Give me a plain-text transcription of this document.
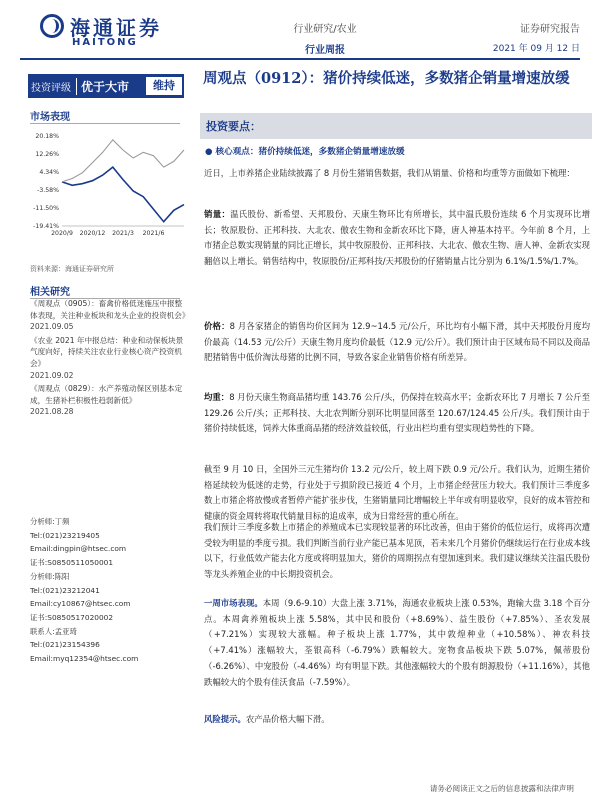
海通证券
HAITONG
行业研究/农业
行业周报
证券研究报告
2021 年 09 月 12 日
投资评级 优于大市	维持
市场表现
20.18%
12.26%
4.34%
-3.58%
-11.50%
-19.41%
2020/9 2020/12 2021/3 2021/6
资料来源：海通证券研究所
相关研究
《周观点（0905）：畜禽价格低迷施压中报整体表现，关注种业板块和龙头企业的投资机会》
2021.09.05
《农业 2021 年中报总结：种业和动保板块景气度向好，持续关注农业行业核心资产投资机会》
2021.09.02
《周观点（0829）：水产养殖动保区别基本定成，生猪补栏积极性趋弱新低》
2021.08.28
分析师:丁频
Tel:(021)23219405
Email:dingpin@htsec.com
证书:S0850511050001
分析师:陈阳
Tel:(021)23212041
Email:cy10867@htsec.com
证书:S0850517020002
联系人:孟亚琦
Tel:(021)23154396
Email:myq12354@htsec.com
周观点（0912）：猪价持续低迷，多数猪企销量增速放缓
投资要点：
● 核心观点：猪价持续低迷，多数猪企销量增速放缓
近日，上市养猪企业陆续披露了 8 月份生猪销售数据，我们从销量、价格和均重等方面做如下梳理：
销量：温氏股份、新希望、天邦股份、天康生物环比有所增长，其中温氏股份连续 6 个月实现环比增长；牧原股份、正邦科技、大北农、傲农生物和金新农环比下降，唐人神基本持平。今年前 8 个月，上市猪企总数实现销量的同比正增长，其中牧原股份、正邦科技、大北农、傲农生物、唐人神、金新农实现翻倍以上增长。销售结构中，牧原股份/正邦科技/天邦股份的仔猪销量占比分别为 6.1%/1.5%/1.7%。
价格：8 月各家猪企的销售均价区间为 12.9~14.5 元/公斤，环比均有小幅下滑，其中天邦股份月度均价最高（14.53 元/公斤）天康生物月度均价最低（12.9 元/公斤）。我们预计由于区域布局不同以及商品肥猪销售中低价淘汰母猪的比例不同，导致各家企业销售价格有所差异。
均重：8 月份天康生物商品猪均重 143.76 公斤/头，仍保持在较高水平；金新农环比 7 月增长 7 公斤至 129.26 公斤/头；正邦科技、大北农判断分别环比明显回落至 120.67/124.45 公斤/头。我们预计由于猪价持续低迷，饲养大体重商品猪的经济效益较低，行业出栏均重有望实现趋势性的下降。
截至 9 月 10 日，全国外三元生猪均价 13.2 元/公斤，较上周下跌 0.9 元/公斤。我们认为，近期生猪价格延续较为低迷的走势，行业处于亏损阶段已接近 4 个月，上市猪企经营压力较大。我们预计三季度多数上市猪企将放慢或者暂停产能扩张步伐，生猪销量同比增幅较上半年或有明显收窄，良好的成本管控和健康的资金周转将取代销量目标的追成率，成为日常经营的重心所在。
我们预计三季度多数上市猪企的养殖成本已实现较显著的环比改善，但由于猪价的低位运行，成将再次遭受较为明显的季度亏损。我们判断当前行业产能已基本见顶，若未来几个月猪价仍继续运行在行业成本线以下，行业低效产能去化方度或将明显加大，猪价的周期拐点有望加速到来。我们建议继续关注温氏股份等龙头养殖企业的中长期投资机会。
一周市场表现。本周（9.6-9.10）大盘上涨 3.71%，海通农业板块上涨 0.53%，跑输大盘 3.18 个百分点。本周禽养殖板块上涨 5.58%，其中民和股份（+8.69%）、益生股份（+7.85%）、圣农发展（+7.21%）实现较大涨幅。种子板块上涨 1.77%，其中敦煌种业（+10.58%）、神农科技（+7.41%）涨幅较大，荃银高科（-6.79%）跌幅较大。宠物食品板块下跌 5.07%，佩蒂股份（-6.26%）、中宠股份（-4.46%）均有明显下跌。其他涨幅较大的个股有朗源股份（+11.16%），其他跌幅较大的个股有佳沃食品（-7.59%）。
风险提示。农产品价格大幅下滑。
请务必阅读正文之后的信息披露和法律声明
